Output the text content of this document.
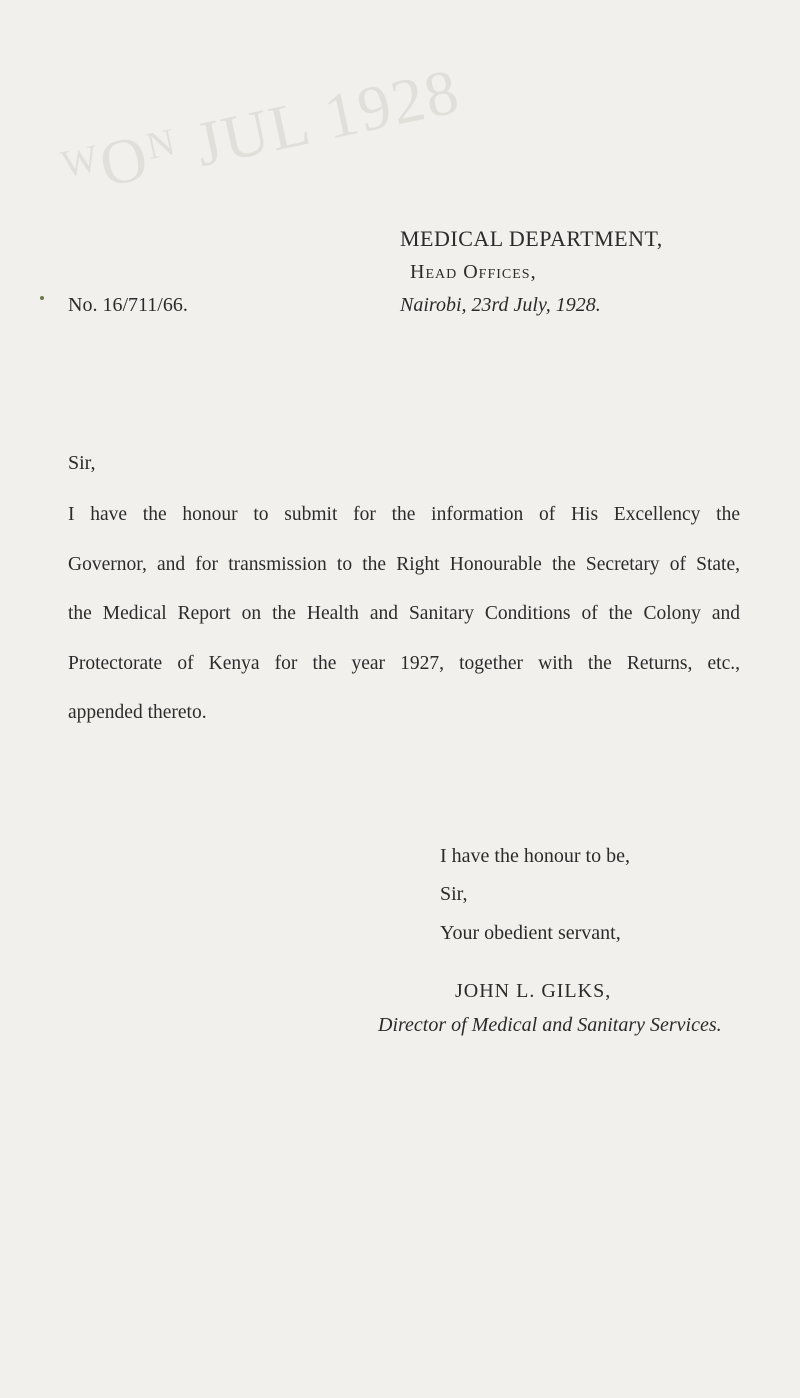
ᵂOᴺ JUL 1928
MEDICAL DEPARTMENT,
Head Offices,
No. 16/711/66.	Nairobi, 23rd July, 1928.
Sir,
I have the honour to submit for the information of His Excellency the
Governor, and for transmission to the Right Honourable the Secretary of State,
the Medical Report on the Health and Sanitary Conditions of the Colony and
Protectorate of Kenya for the year 1927, together with the Returns, etc.,
appended thereto.
I have the honour to be,
Sir,
Your obedient servant,
JOHN L. GILKS,
Director of Medical and Sanitary Services.
